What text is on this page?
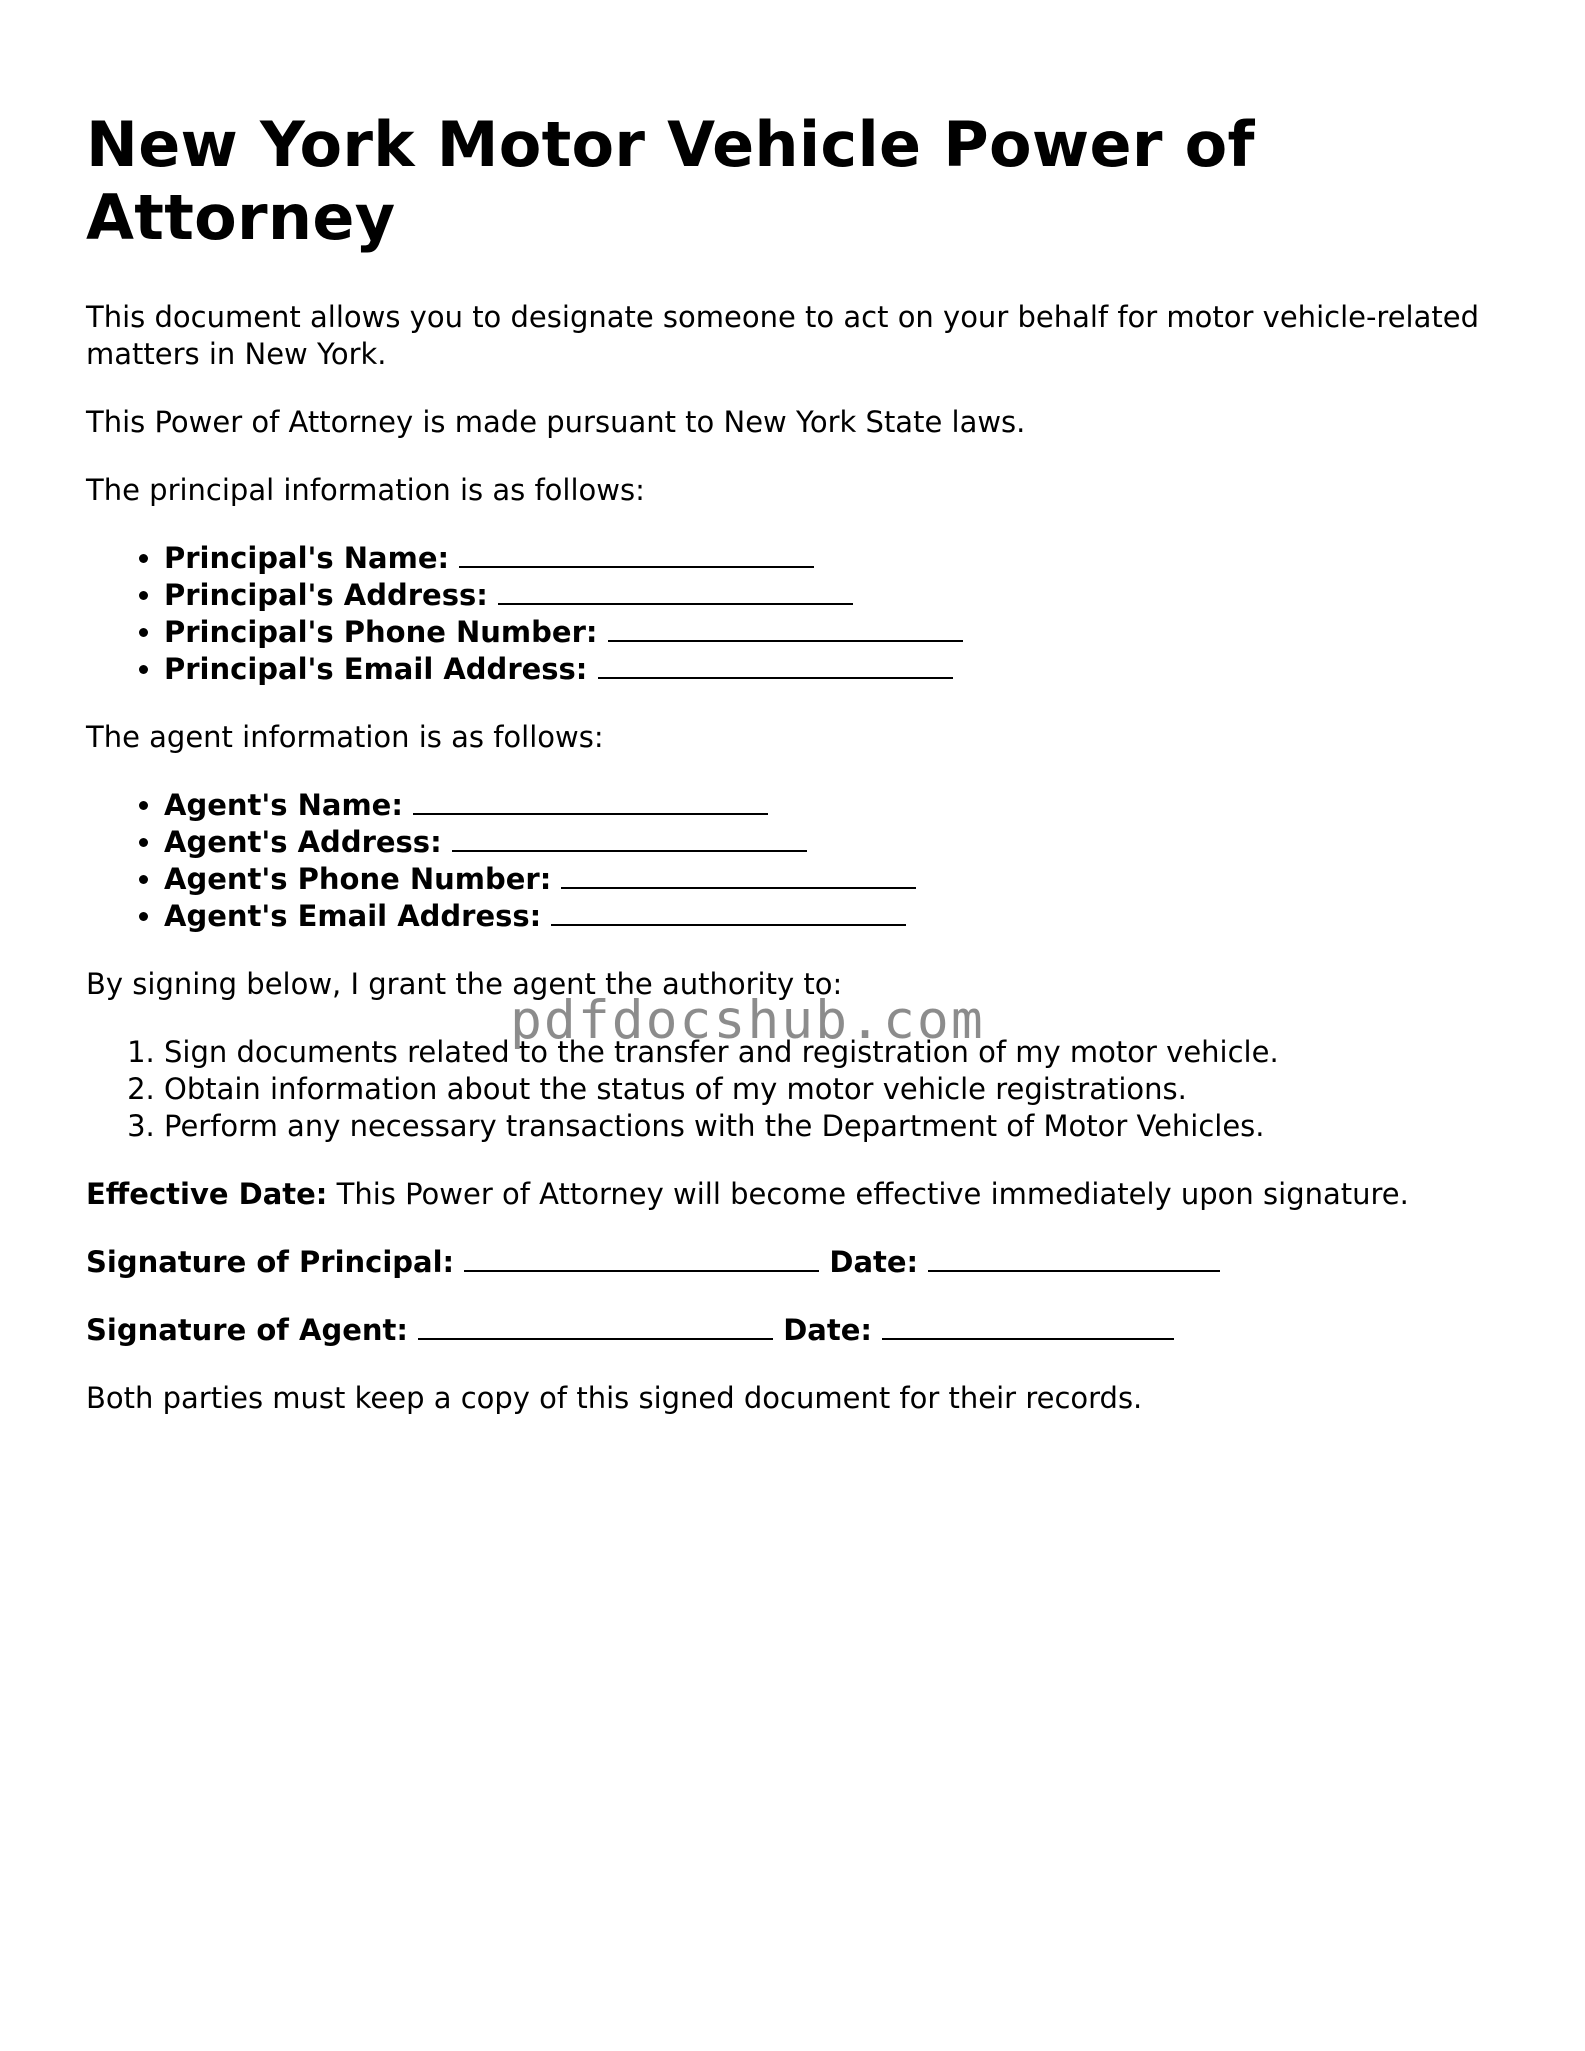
New York Motor Vehicle Power of Attorney

This document allows you to designate someone to act on your behalf for motor vehicle-related matters in New York.

This Power of Attorney is made pursuant to New York State laws.

The principal information is as follows:

• Principal's Name:
• Principal's Address:
• Principal's Phone Number:
• Principal's Email Address:

The agent information is as follows:

• Agent's Name:
• Agent's Address:
• Agent's Phone Number:
• Agent's Email Address:

By signing below, I grant the agent the authority to:

1. Sign documents related to the transfer and registration of my motor vehicle.
2. Obtain information about the status of my motor vehicle registrations.
3. Perform any necessary transactions with the Department of Motor Vehicles.

Effective Date: This Power of Attorney will become effective immediately upon signature.

Signature of Principal:	Date:

Signature of Agent:	Date:

Both parties must keep a copy of this signed document for their records.

pdfdocshub.com
